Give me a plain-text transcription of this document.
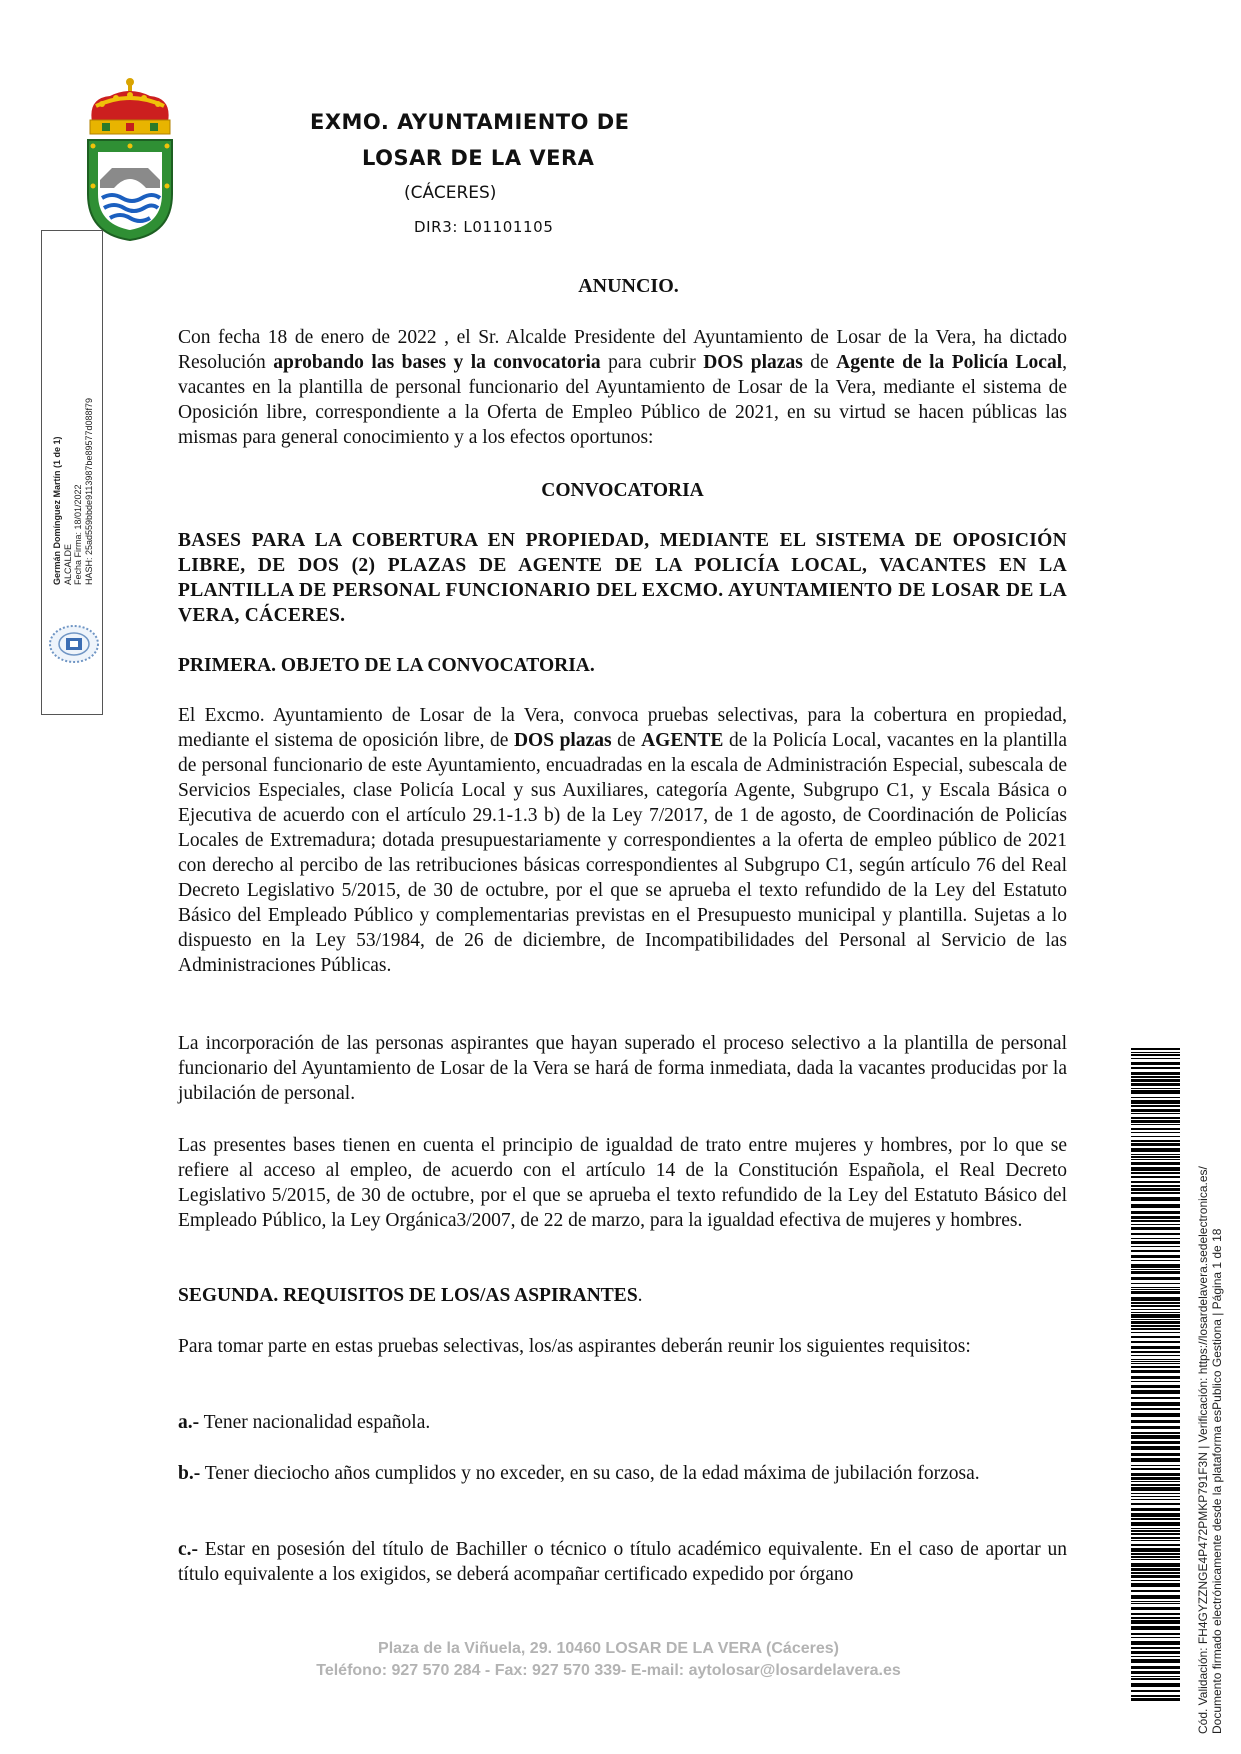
EXMO. AYUNTAMIENTO DE
LOSAR DE LA VERA
(CÁCERES)
DIR3: L01101105
Germán Domínguez Martín (1 de 1) ALCALDE Fecha Firma: 18/01/2022 HASH: 25ad559bbde9113987be89577d088f79
ANUNCIO.
Con fecha 18 de enero de 2022 , el Sr. Alcalde Presidente del Ayuntamiento de Losar de la Vera, ha dictado Resolución aprobando las bases y la convocatoria para cubrir DOS plazas de Agente de la Policía Local, vacantes en la plantilla de personal funcionario del Ayuntamiento de Losar de la Vera, mediante el sistema de Oposición libre, correspondiente a la Oferta de Empleo Público de 2021, en su virtud se hacen públicas las mismas para general conocimiento y a los efectos oportunos:
CONVOCATORIA
BASES PARA LA COBERTURA EN PROPIEDAD, MEDIANTE EL SISTEMA DE OPOSICIÓN LIBRE, DE DOS (2) PLAZAS DE AGENTE DE LA POLICÍA LOCAL, VACANTES EN LA PLANTILLA DE PERSONAL FUNCIONARIO DEL EXCMO. AYUNTAMIENTO DE LOSAR DE LA VERA, CÁCERES.
PRIMERA. OBJETO DE LA CONVOCATORIA.
El Excmo. Ayuntamiento de Losar de la Vera, convoca pruebas selectivas, para la cobertura en propiedad, mediante el sistema de oposición libre, de DOS plazas de AGENTE de la Policía Local, vacantes en la plantilla de personal funcionario de este Ayuntamiento, encuadradas en la escala de Administración Especial, subescala de Servicios Especiales, clase Policía Local y sus Auxiliares, categoría Agente, Subgrupo C1, y Escala Básica o Ejecutiva de acuerdo con el artículo 29.1-1.3 b) de la Ley 7/2017, de 1 de agosto, de Coordinación de Policías Locales de Extremadura; dotada presupuestariamente y correspondientes a la oferta de empleo público de 2021 con derecho al percibo de las retribuciones básicas correspondientes al Subgrupo C1, según artículo 76 del Real Decreto Legislativo 5/2015, de 30 de octubre, por el que se aprueba el texto refundido de la Ley del Estatuto Básico del Empleado Público y complementarias previstas en el Presupuesto municipal y plantilla. Sujetas a lo dispuesto en la Ley 53/1984, de 26 de diciembre, de Incompatibilidades del Personal al Servicio de las Administraciones Públicas.
La incorporación de las personas aspirantes que hayan superado el proceso selectivo a la plantilla de personal funcionario del Ayuntamiento de Losar de la Vera se hará de forma inmediata, dada la vacantes producidas por la jubilación de personal.
Las presentes bases tienen en cuenta el principio de igualdad de trato entre mujeres y hombres, por lo que se refiere al acceso al empleo, de acuerdo con el artículo 14 de la Constitución Española, el Real Decreto Legislativo 5/2015, de 30 de octubre, por el que se aprueba el texto refundido de la Ley del Estatuto Básico del Empleado Público, la Ley Orgánica3/2007, de 22 de marzo, para la igualdad efectiva de mujeres y hombres.
SEGUNDA. REQUISITOS DE LOS/AS ASPIRANTES.
Para tomar parte en estas pruebas selectivas, los/as aspirantes deberán reunir los siguientes requisitos:
a.- Tener nacionalidad española.
b.- Tener dieciocho años cumplidos y no exceder, en su caso, de la edad máxima de jubilación forzosa.
c.- Estar en posesión del título de Bachiller o técnico o título académico equivalente. En el caso de aportar un título equivalente a los exigidos, se deberá acompañar certificado expedido por órgano
Plaza de la Viñuela, 29. 10460 LOSAR DE LA VERA (Cáceres)
Teléfono: 927 570 284 - Fax: 927 570 339- E-mail: aytolosar@losardelavera.es	Cód. Validación: FH4GYZZNGE4P472PMKP791F3N | Verificación: https://losardelavera.sedelectronica.es/ Documento firmado electrónicamente desde la plataforma esPublico Gestiona | Página 1 de 18
